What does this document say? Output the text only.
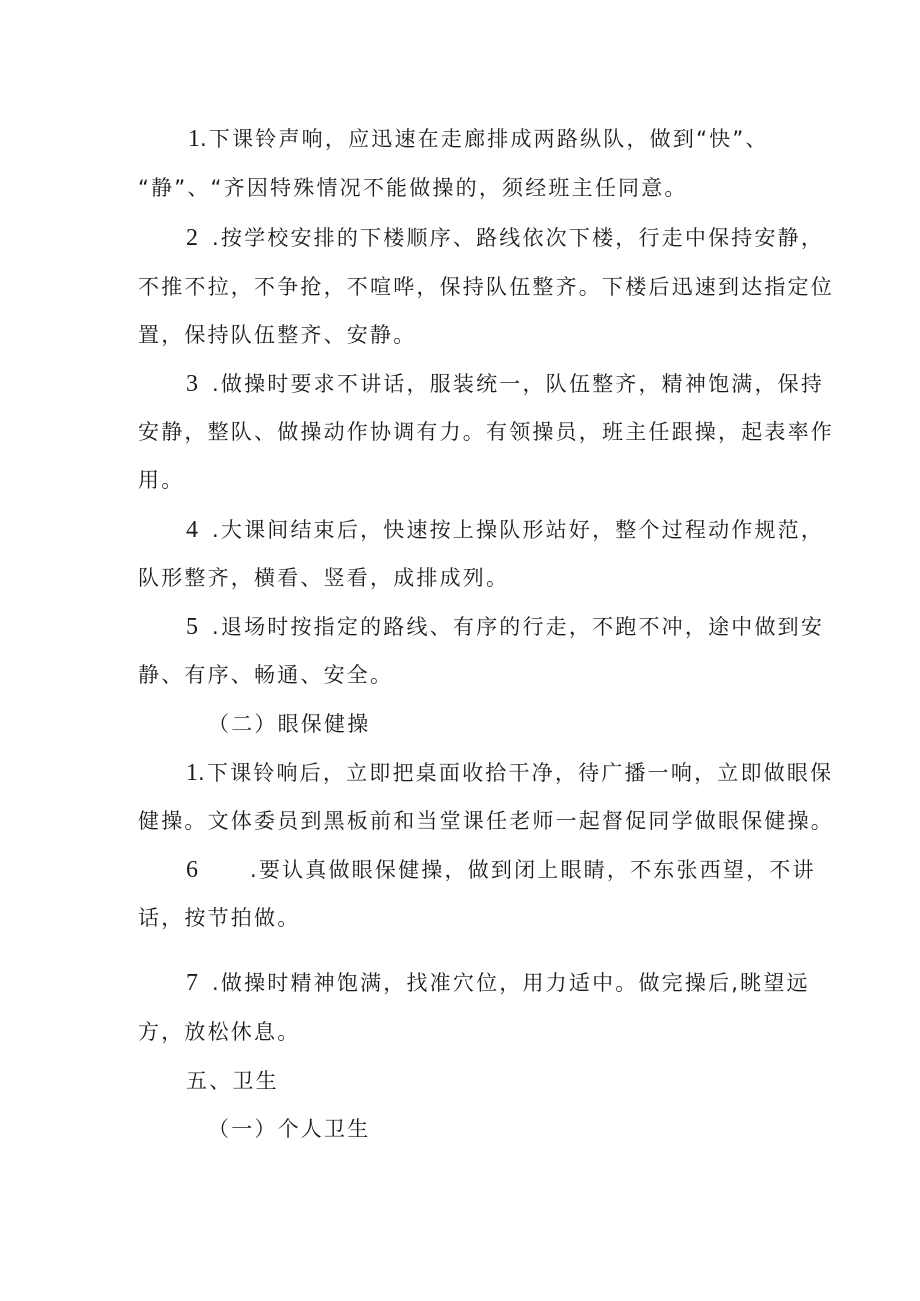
1.下课铃声响，应迅速在走廊排成两路纵队，做到“快”、
“静”、“齐因特殊情况不能做操的，须经班主任同意。
2 .按学校安排的下楼顺序、路线依次下楼，行走中保持安静，
不推不拉，不争抢，不喧哗，保持队伍整齐。下楼后迅速到达指定位
置，保持队伍整齐、安静。
3 .做操时要求不讲话，服装统一，队伍整齐，精神饱满，保持
安静，整队、做操动作协调有力。有领操员，班主任跟操，起表率作
用。
4 .大课间结束后，快速按上操队形站好，整个过程动作规范，
队形整齐，横看、竖看，成排成列。
5 .退场时按指定的路线、有序的行走，不跑不冲，途中做到安
静、有序、畅通、安全。
（二）眼保健操
1.下课铃响后，立即把桌面收拾干净，待广播一响，立即做眼保
健操。文体委员到黑板前和当堂课任老师一起督促同学做眼保健操。
6 .要认真做眼保健操，做到闭上眼睛，不东张西望，不讲
话，按节拍做。
7 .做操时精神饱满，找准穴位，用力适中。做完操后,眺望远
方，放松休息。
五、卫生
（一）个人卫生
